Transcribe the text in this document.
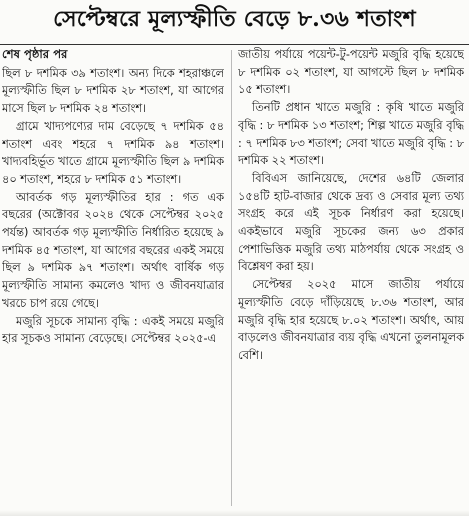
সেপ্টেম্বরে মূল্যস্ফীতি বেড়ে ৮.৩৬ শতাংশ

শেষ পৃষ্ঠার পর

ছিল ৮ দশমিক ৩৯ শতাংশ। অন্য দিকে শহরাঞ্চলে মূল্যস্ফীতি ছিল ৮ দশমিক ২৮ শতাংশ, যা আগের মাসে ছিল ৮ দশমিক ২৪ শতাংশ।

গ্রামে খাদ্যপণ্যের দাম বেড়েছে ৭ দশমিক ৫৪ শতাংশ এবং শহরে ৭ দশমিক ৯৪ শতাংশ। খাদ্যবহির্ভূত খাতে গ্রামে মূল্যস্ফীতি ছিল ৯ দশমিক ৪০ শতাংশ, শহরে ৮ দশমিক ৫১ শতাংশ।

আবর্তক গড় মূল্যস্ফীতির হার : গত এক বছরের (অক্টোবর ২০২৪ থেকে সেপ্টেম্বর ২০২৫ পর্যন্ত) আবর্তক গড় মূল্যস্ফীতি নির্ধারিত হয়েছে ৯ দশমিক ৪৫ শতাংশ, যা আগের বছরের একই সময়ে ছিল ৯ দশমিক ৯৭ শতাংশ। অর্থাৎ বার্ষিক গড় মূল্যস্ফীতি সামান্য কমলেও খাদ্য ও জীবনযাত্রার খরচে চাপ রয়ে গেছে।

মজুরি সূচকে সামান্য বৃদ্ধি : একই সময়ে মজুরি হার সূচকও সামান্য বেড়েছে। সেপ্টেম্বর ২০২৫-এ

জাতীয় পর্যায়ে পয়েন্ট-টু-পয়েন্ট মজুরি বৃদ্ধি হয়েছে ৮ দশমিক ০২ শতাংশ, যা আগস্টে ছিল ৮ দশমিক ১৫ শতাংশ।

তিনটি প্রধান খাতে মজুরি : কৃষি খাতে মজুরি বৃদ্ধি : ৮ দশমিক ১৩ শতাংশ; শিল্প খাতে মজুরি বৃদ্ধি : ৭ দশমিক ৮৩ শতাংশ; সেবা খাতে মজুরি বৃদ্ধি : ৮ দশমিক ২২ শতাংশ।

বিবিএস জানিয়েছে, দেশের ৬৪টি জেলার ১৫৪টি হাট-বাজার থেকে দ্রব্য ও সেবার মূল্য তথ্য সংগ্রহ করে এই সূচক নির্ধারণ করা হয়েছে। একইভাবে মজুরি সূচকের জন্য ৬৩ প্রকার পেশাভিত্তিক মজুরি তথ্য মাঠপর্যায় থেকে সংগ্রহ ও বিশ্লেষণ করা হয়।

সেপ্টেম্বর ২০২৫ মাসে জাতীয় পর্যায়ে মূল্যস্ফীতি বেড়ে দাঁড়িয়েছে ৮.৩৬ শতাংশ, আর মজুরি বৃদ্ধি হার হয়েছে ৮.০২ শতাংশ। অর্থাৎ, আয় বাড়লেও জীবনযাত্রার ব্যয় বৃদ্ধি এখনো তুলনামূলক বেশি।
